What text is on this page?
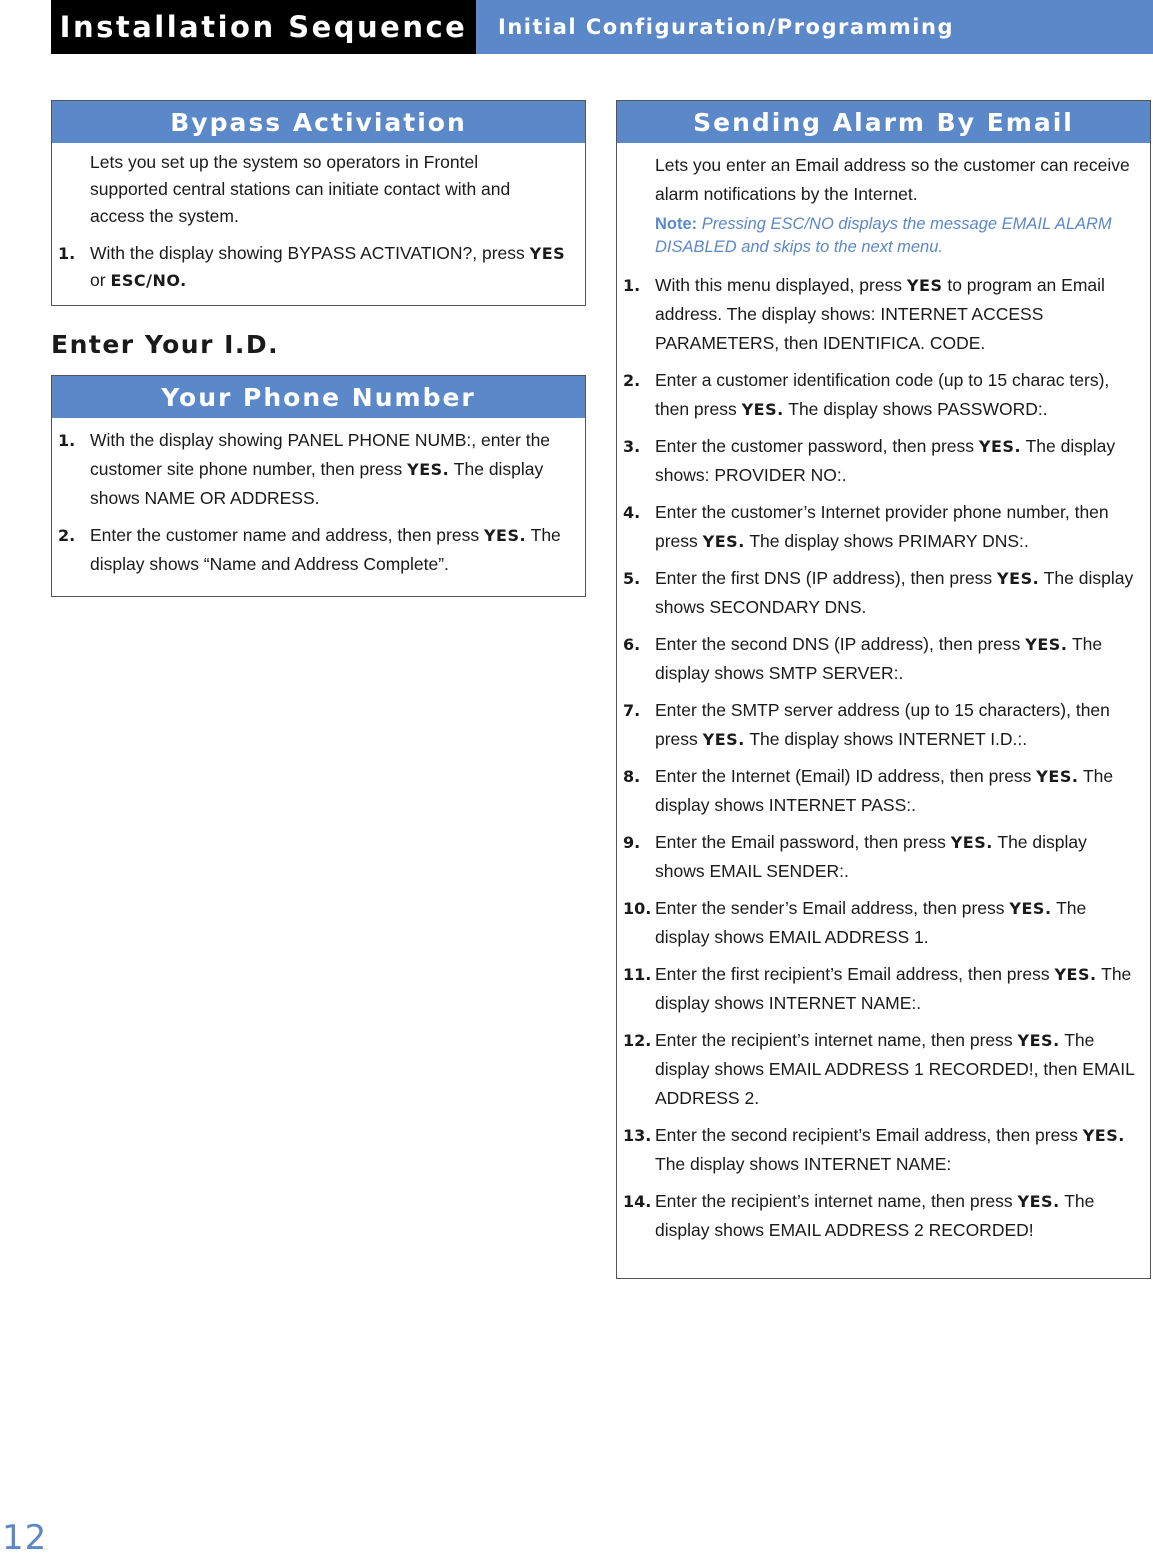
Installation Sequence	Initial Configuration/Programming
Bypass Activiation
Lets you set up the system so operators in Frontel supported central stations can initiate contact with and access the system.
1. With the display showing BYPASS ACTIVATION?, press YES or ESC/NO.
Enter Your I.D.
Your Phone Number
1. With the display showing PANEL PHONE NUMB:, enter the customer site phone number, then press YES. The display shows NAME OR ADDRESS.
2. Enter the customer name and address, then press YES. The display shows “Name and Address Complete”.
Sending Alarm By Email
Lets you enter an Email address so the customer can receive alarm notifications by the Internet.
Note: Pressing ESC/NO displays the message EMAIL ALARM DISABLED and skips to the next menu.
1. With this menu displayed, press YES to program an Email address. The display shows: INTERNET ACCESS PARAMETERS, then IDENTIFICA. CODE.
2. Enter a customer identification code (up to 15 charac ters), then press YES. The display shows PASSWORD:.
3. Enter the customer password, then press YES. The display shows: PROVIDER NO:.
4. Enter the customer’s Internet provider phone number, then press YES. The display shows PRIMARY DNS:.
5. Enter the first DNS (IP address), then press YES. The display shows SECONDARY DNS.
6. Enter the second DNS (IP address), then press YES. The display shows SMTP SERVER:.
7. Enter the SMTP server address (up to 15 characters), then press YES. The display shows INTERNET I.D.:.
8. Enter the Internet (Email) ID address, then press YES. The display shows INTERNET PASS:.
9. Enter the Email password, then press YES. The display shows EMAIL SENDER:.
10. Enter the sender’s Email address, then press YES. The display shows EMAIL ADDRESS 1.
11. Enter the first recipient’s Email address, then press YES. The display shows INTERNET NAME:.
12. Enter the recipient’s internet name, then press YES. The display shows EMAIL ADDRESS 1 RECORDED!, then EMAIL ADDRESS 2.
13. Enter the second recipient’s Email address, then press YES. The display shows INTERNET NAME:
14. Enter the recipient’s internet name, then press YES. The display shows EMAIL ADDRESS 2 RECORDED!
12
